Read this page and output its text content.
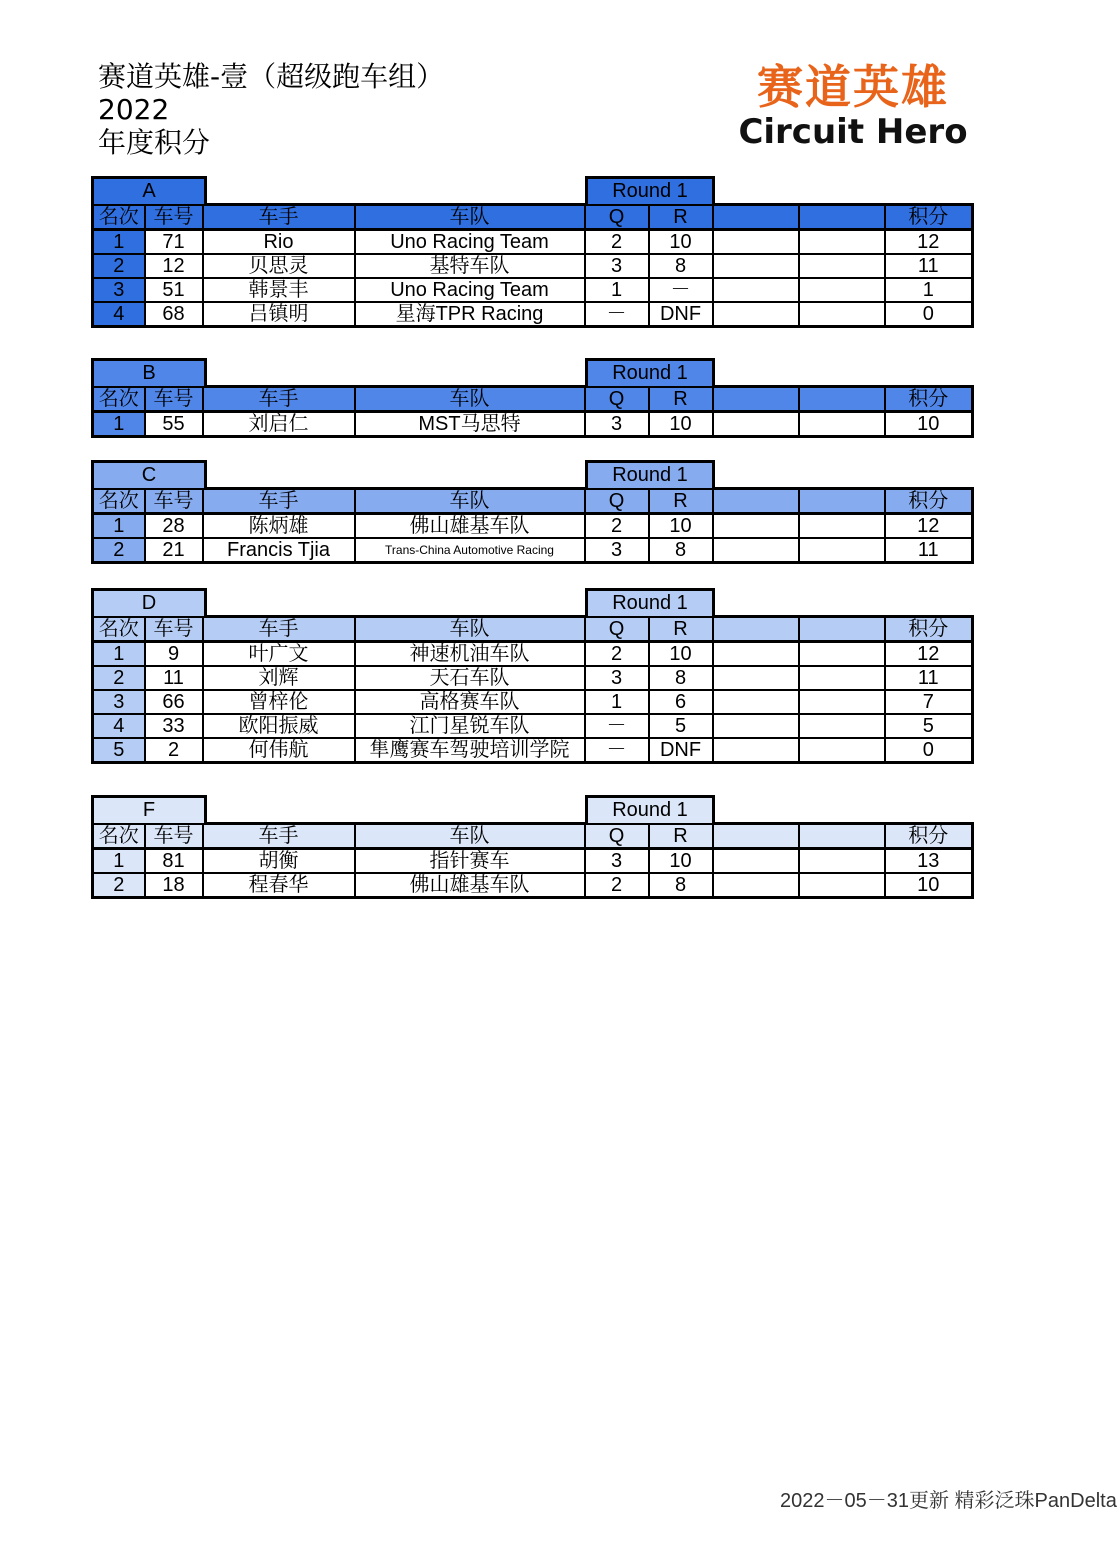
赛道英雄-壹（超级跑车组）
2022
年度积分
赛道英雄
Circuit Hero
A	Round 1
名次	车号	车手	车队	Q	R			积分
1	71	Rio	Uno Racing Team	2	10			12
2	12	贝思灵	基特车队	3	8			11
3	51	韩景丰	Uno Racing Team	1	－			1
4	68	吕镇明	星海TPR Racing	－	DNF			0
B	Round 1
名次	车号	车手	车队	Q	R			积分
1	55	刘启仁	MST马思特	3	10			10
C	Round 1
名次	车号	车手	车队	Q	R			积分
1	28	陈炳雄	佛山雄基车队	2	10			12
2	21	Francis Tjia	Trans-China Automotive Racing	3	8			11
D	Round 1
名次	车号	车手	车队	Q	R			积分
1	9	叶广文	神速机油车队	2	10			12
2	11	刘辉	天石车队	3	8			11
3	66	曾梓伦	高格赛车队	1	6			7
4	33	欧阳振威	江门星锐车队	－	5			5
5	2	何伟航	隼鹰赛车驾驶培训学院	－	DNF			0
F	Round 1
名次	车号	车手	车队	Q	R			积分
1	81	胡衡	指针赛车	3	10			13
2	18	程春华	佛山雄基车队	2	8			10
2022－05－31更新 精彩泛珠PanDelta
